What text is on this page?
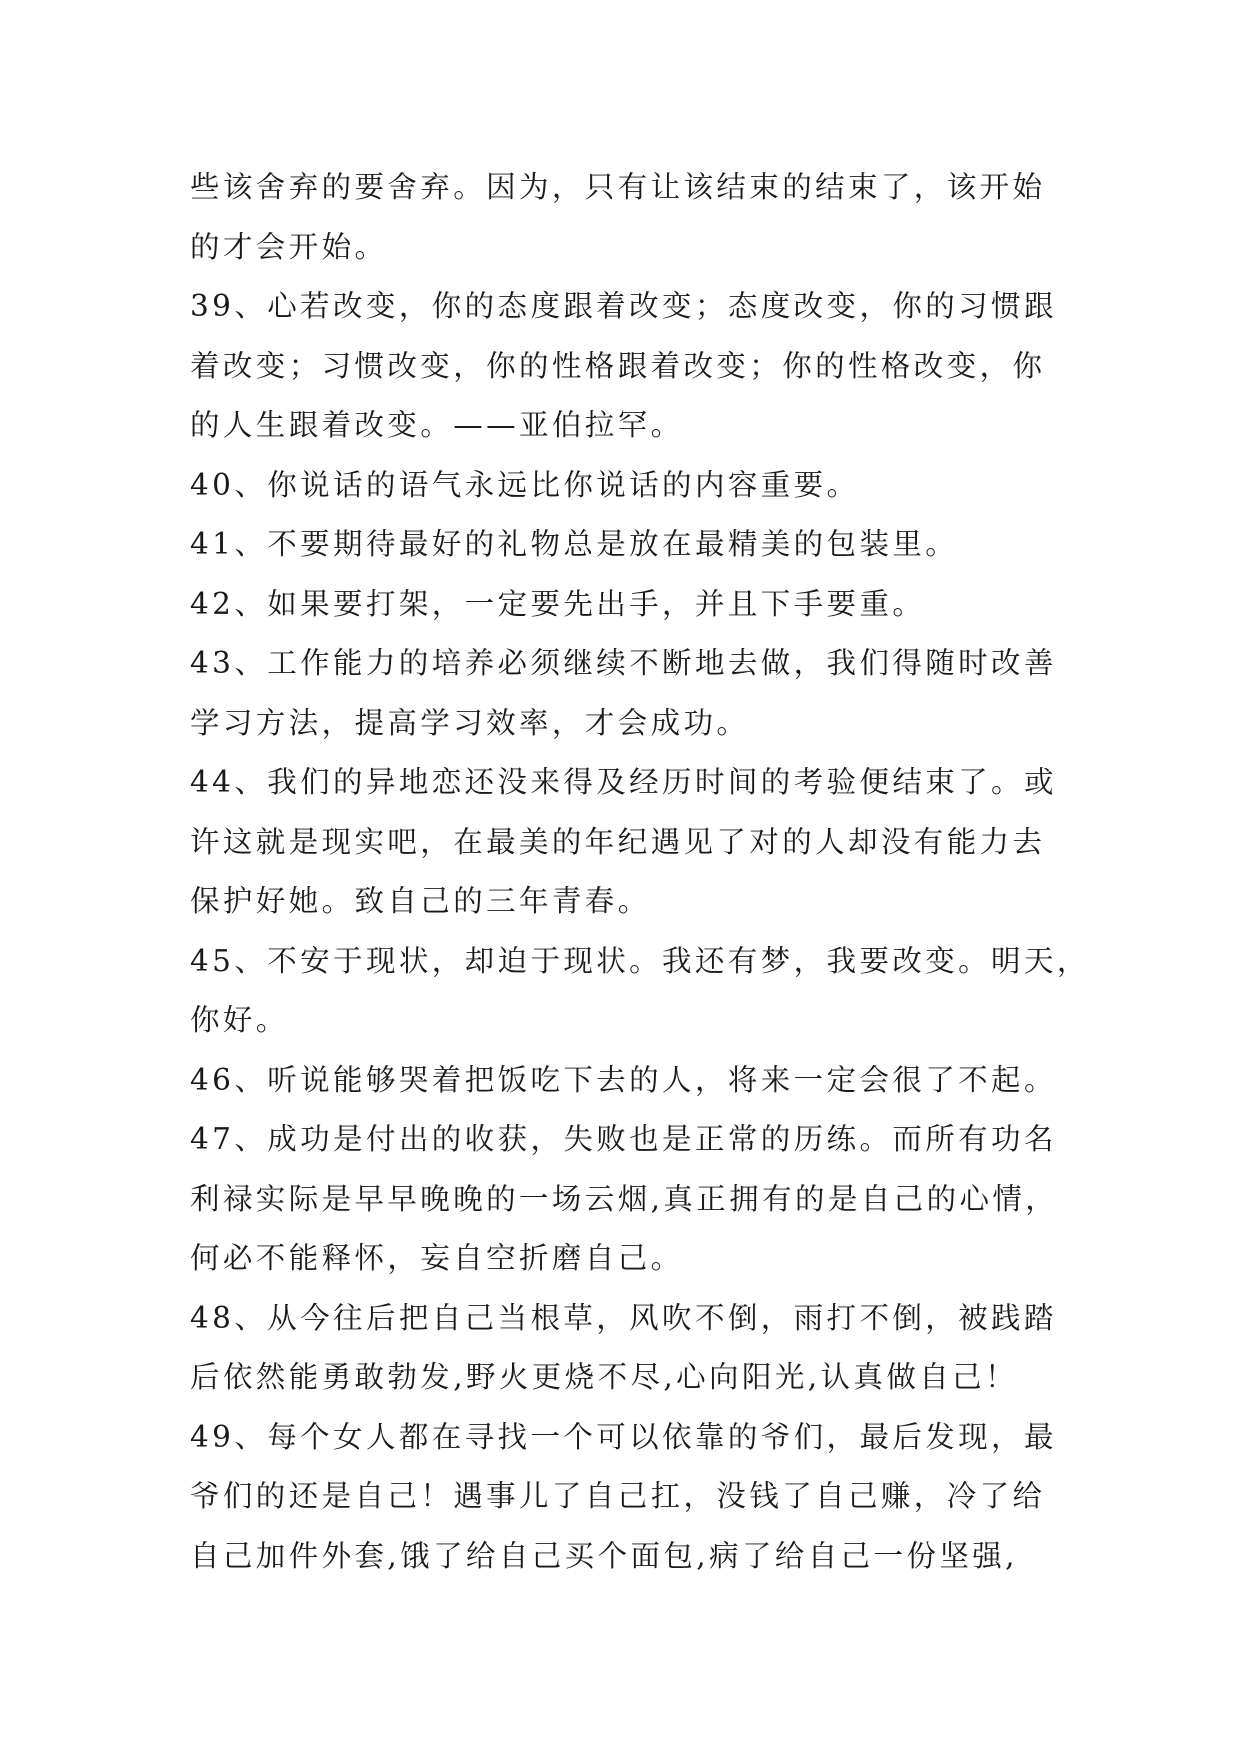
些该舍弃的要舍弃。因为，只有让该结束的结束了，该开始
的才会开始。
39、心若改变，你的态度跟着改变；态度改变，你的习惯跟
着改变；习惯改变，你的性格跟着改变；你的性格改变，你
的人生跟着改变。——亚伯拉罕。
40、你说话的语气永远比你说话的内容重要。
41、不要期待最好的礼物总是放在最精美的包装里。
42、如果要打架，一定要先出手，并且下手要重。
43、工作能力的培养必须继续不断地去做，我们得随时改善
学习方法，提高学习效率，才会成功。
44、我们的异地恋还没来得及经历时间的考验便结束了。或
许这就是现实吧，在最美的年纪遇见了对的人却没有能力去
保护好她。致自己的三年青春。
45、不安于现状，却迫于现状。我还有梦，我要改变。明天，
你好。
46、听说能够哭着把饭吃下去的人，将来一定会很了不起。
47、成功是付出的收获，失败也是正常的历练。而所有功名
利禄实际是早早晚晚的一场云烟,真正拥有的是自己的心情，
何必不能释怀，妄自空折磨自己。
48、从今往后把自己当根草，风吹不倒，雨打不倒，被践踏
后依然能勇敢勃发,野火更烧不尽,心向阳光,认真做自己！
49、每个女人都在寻找一个可以依靠的爷们，最后发现，最
爷们的还是自己！遇事儿了自己扛，没钱了自己赚，冷了给
自己加件外套,饿了给自己买个面包,病了给自己一份坚强,
